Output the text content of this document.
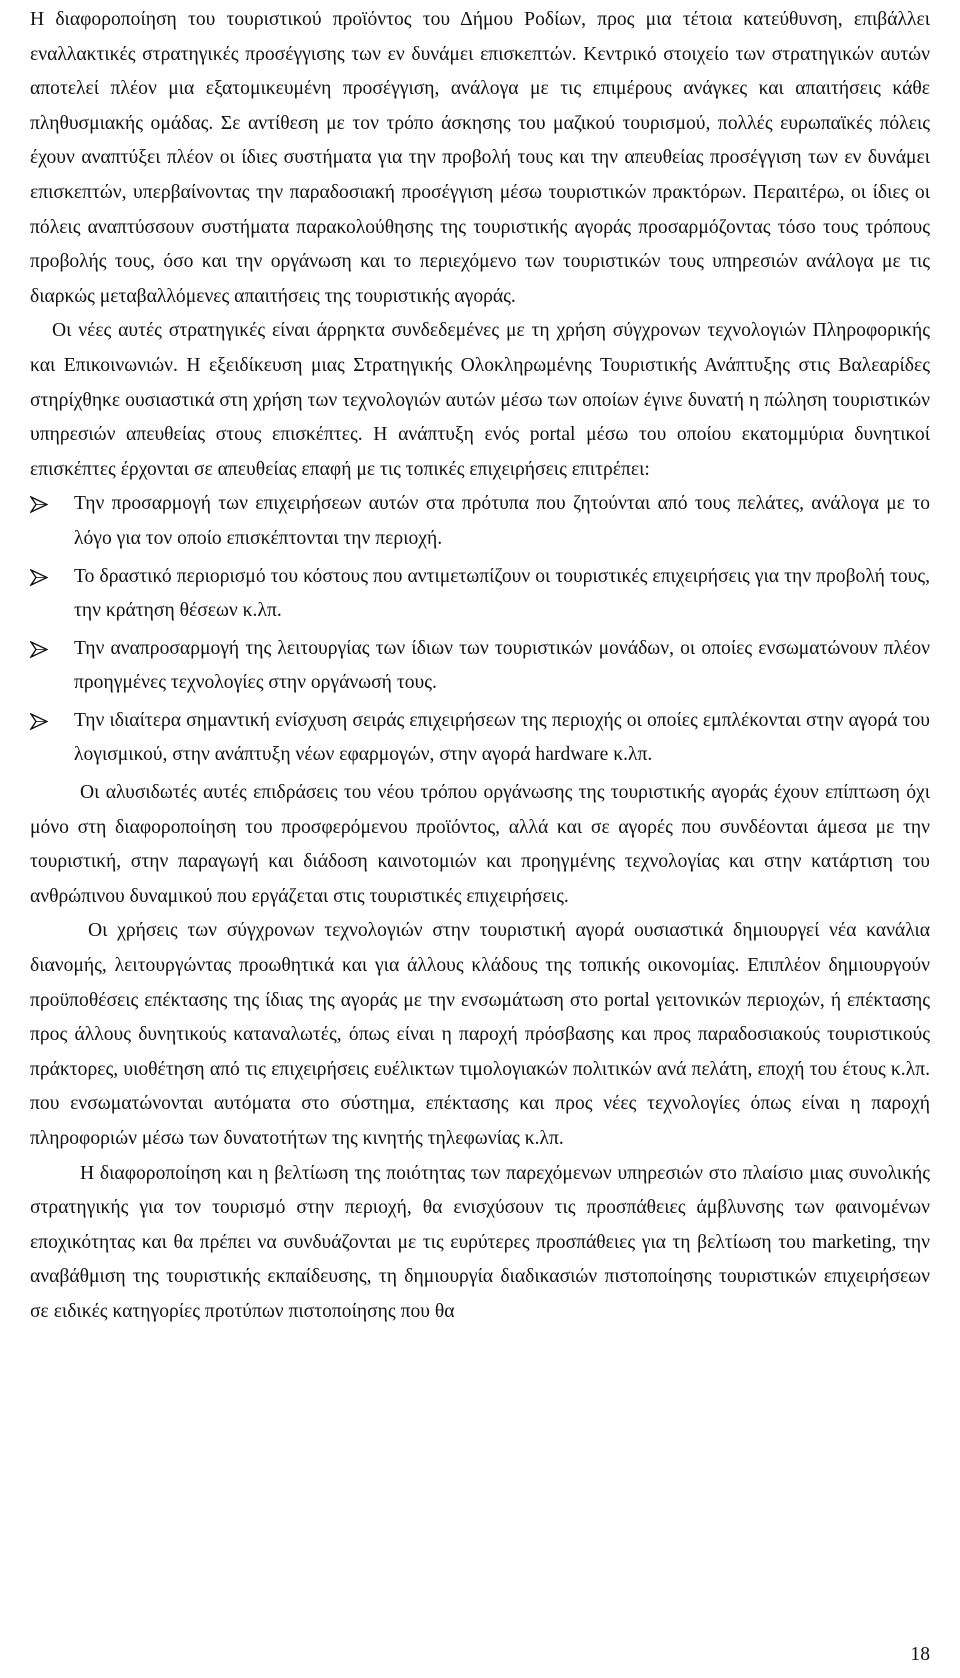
Η διαφοροποίηση του τουριστικού προϊόντος του Δήμου Ροδίων, προς μια τέτοια κατεύθυνση, επιβάλλει εναλλακτικές στρατηγικές προσέγγισης των εν δυνάμει επισκεπτών. Κεντρικό στοιχείο των στρατηγικών αυτών αποτελεί πλέον μια εξατομικευμένη προσέγγιση, ανάλογα με τις επιμέρους ανάγκες και απαιτήσεις κάθε πληθυσμιακής ομάδας. Σε αντίθεση με τον τρόπο άσκησης του μαζικού τουρισμού, πολλές ευρωπαϊκές πόλεις έχουν αναπτύξει πλέον οι ίδιες συστήματα για την προβολή τους και την απευθείας προσέγγιση των εν δυνάμει επισκεπτών, υπερβαίνοντας την παραδοσιακή προσέγγιση μέσω τουριστικών πρακτόρων. Περαιτέρω, οι ίδιες οι πόλεις αναπτύσσουν συστήματα παρακολούθησης της τουριστικής αγοράς προσαρμόζοντας τόσο τους τρόπους προβολής τους, όσο και την οργάνωση και το περιεχόμενο των τουριστικών τους υπηρεσιών ανάλογα με τις διαρκώς μεταβαλλόμενες απαιτήσεις της τουριστικής αγοράς.

Οι νέες αυτές στρατηγικές είναι άρρηκτα συνδεδεμένες με τη χρήση σύγχρονων τεχνολογιών Πληροφορικής και Επικοινωνιών. Η εξειδίκευση μιας Στρατηγικής Ολοκληρωμένης Τουριστικής Ανάπτυξης στις Βαλεαρίδες στηρίχθηκε ουσιαστικά στη χρήση των τεχνολογιών αυτών μέσω των οποίων έγινε δυνατή η πώληση τουριστικών υπηρεσιών απευθείας στους επισκέπτες. Η ανάπτυξη ενός portal μέσω του οποίου εκατομμύρια δυνητικοί επισκέπτες έρχονται σε απευθείας επαφή με τις τοπικές επιχειρήσεις επιτρέπει:

Την προσαρμογή των επιχειρήσεων αυτών στα πρότυπα που ζητούνται από τους πελάτες, ανάλογα με το λόγο για τον οποίο επισκέπτονται την περιοχή.
Το δραστικό περιορισμό του κόστους που αντιμετωπίζουν οι τουριστικές επιχειρήσεις για την προβολή τους, την κράτηση θέσεων κ.λπ.
Την αναπροσαρμογή της λειτουργίας των ίδιων των τουριστικών μονάδων, οι οποίες ενσωματώνουν πλέον προηγμένες τεχνολογίες στην οργάνωσή τους.
Την ιδιαίτερα σημαντική ενίσχυση σειράς επιχειρήσεων της περιοχής οι οποίες εμπλέκονται στην αγορά του λογισμικού, στην ανάπτυξη νέων εφαρμογών, στην αγορά hardware κ.λπ.

Οι αλυσιδωτές αυτές επιδράσεις του νέου τρόπου οργάνωσης της τουριστικής αγοράς έχουν επίπτωση όχι μόνο στη διαφοροποίηση του προσφερόμενου προϊόντος, αλλά και σε αγορές που συνδέονται άμεσα με την τουριστική, στην παραγωγή και διάδοση καινοτομιών και προηγμένης τεχνολογίας και στην κατάρτιση του ανθρώπινου δυναμικού που εργάζεται στις τουριστικές επιχειρήσεις.

Οι χρήσεις των σύγχρονων τεχνολογιών στην τουριστική αγορά ουσιαστικά δημιουργεί νέα κανάλια διανομής, λειτουργώντας προωθητικά και για άλλους κλάδους της τοπικής οικονομίας. Επιπλέον δημιουργούν προϋποθέσεις επέκτασης της ίδιας της αγοράς με την ενσωμάτωση στο portal γειτονικών περιοχών, ή επέκτασης προς άλλους δυνητικούς καταναλωτές, όπως είναι η παροχή πρόσβασης και προς παραδοσιακούς τουριστικούς πράκτορες, υιοθέτηση από τις επιχειρήσεις ευέλικτων τιμολογιακών πολιτικών ανά πελάτη, εποχή του έτους κ.λπ. που ενσωματώνονται αυτόματα στο σύστημα, επέκτασης και προς νέες τεχνολογίες όπως είναι η παροχή πληροφοριών μέσω των δυνατοτήτων της κινητής τηλεφωνίας κ.λπ.

Η διαφοροποίηση και η βελτίωση της ποιότητας των παρεχόμενων υπηρεσιών στο πλαίσιο μιας συνολικής στρατηγικής για τον τουρισμό στην περιοχή, θα ενισχύσουν τις προσπάθειες άμβλυνσης των φαινομένων εποχικότητας και θα πρέπει να συνδυάζονται με τις ευρύτερες προσπάθειες για τη βελτίωση του marketing, την αναβάθμιση της τουριστικής εκπαίδευσης, τη δημιουργία διαδικασιών πιστοποίησης τουριστικών επιχειρήσεων σε ειδικές κατηγορίες προτύπων πιστοποίησης που θα

18
